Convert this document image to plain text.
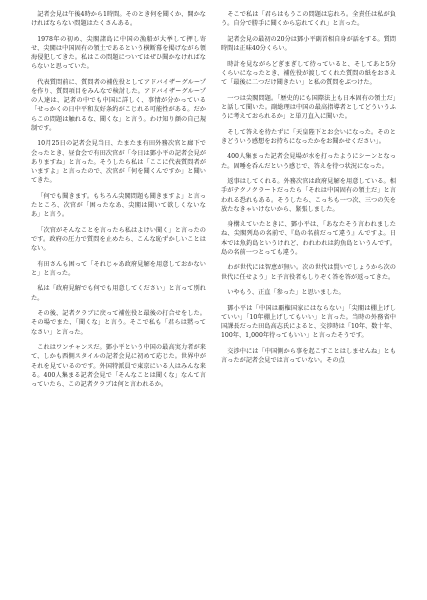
記者会見は午後4時から1時間。そのとき何を聞くか、開かなければならない問題はたくさんある。

1978年の初め、尖閣諸島に中国の漁船が大挙して押し寄せ、尖閣は中国固有の領土であるという横断幕を掲げながら領海侵犯してきた。私はこの問題についてはぜひ聞かなければならないと思っていた。

代表質問前に、質問者の補佐役としてアドバイザーグループを作り、質問項目をみんなで検討した。アドバイザーグループの人達は、記者の中でも中国に詳しく、事情が分かっている「せっかくの日中平和友好条約がこじれる可能性がある。だからこの問題は触れるな、聞くな」と言う。わけ知り顔の自己規制です。

10月25日の記者会見当日、たまたま有田外務次官と廊下で会ったとき、昼食会で有田次官が「今日は鄧小平の記者会見がありますね」と言った。そうしたら私は「ここに代表質問者がいますよ」と言ったので、次官が「何を聞くんですか」と聞いてきた。

「何でも聞きます。もちろん尖閣問題も聞きますよ」と言ったところ、次官が「困ったなあ、尖閣は聞いて欲しくないなあ」と言う。

「次官がそんなことを言ったら私はよけい聞く」と言ったのです。政府の圧力で質問を止めたら、こんな恥ずかしいことはない。

有田さんも困って「それじゃあ政府見解を用意しておかないと」と言った。

私は「政府見解でも何でも用意してください」と言って別れた。

その後、記者クラブに戻って補佐役と最後の打合せをした。その場でまた、「聞くな」と言う。そこで私も「君らは黙ってなさい」と言った。

これはワンチャンスだ。鄧小平という中国の最高実力者が来て、しかも西側スタイルの記者会見に初めて応じた。世界中がそれを見ているのです。外国特派員で東京にいる人はみんな来る。400人集まる記者会見で「そんなことは聞くな」なんて言っていたら、この記者クラブは何と言われるか。

そこで私は「君らはもうこの問題は忘れろ。全責任は私が負う。自分で勝手に聞くから忘れてくれ」と言った。

記者会見の最初の20分は鄧小平副首相自身が話をする。質問時間は正味40分くらい。

時計を見ながらどぎまぎして待っていると、そしてあと5分くらいになったとき、補佐役が渡してくれた質問の紙をおさえて「最後に二つだけ聞きたい」と私の質問をぶつけた。

一つは尖閣問題。「歴史的にも国際法上も日本固有の領土だ」と話して聞いた。副総理は中国の最高指導者としてどういうふうに考えておられるか」と単刀直入に聞いた。

そして答えを待たずに「天皇陛下とお会いになった。そのときどういう感想をお持ちになったかをお聞かせください」。

400人集まった記者会見場が水を打ったようにシーンとなった。固唾を呑んだという感じで、答えを待つ状況になった。

返事はしてくれる。外務次官は政府見解を用意している。相手がテクノクラートだったら「それは中国固有の領土だ」と言われる恐れもある。そうしたら、こっちも一つ次、三つの矢を放たなきゃいけないから、緊張しました。

身構えていたときに、鄧小平は、「あなたそう言われましたね、尖閣列島の名前で、『島の名前だって違う』んですよ。日本では魚釣島というけれど、われわれは釣魚島というんです。島の名前一つとっても違う。

わが世代には智恵が無い。次の世代は賢いでしょうから次の世代に任せよう」と予言役者もしりぞく答を答が返ってきた。

いやもう、正直「参った」と思いました。

鄧小平は「中国は覇権国家にはならない」「尖閣は棚上げしていい」「10年棚上げしてもいい」と言った。当時の外務省中国課長だった田島高志氏によると、交渉時は「10年、数十年、100年、1,000年待ってもいい」と言ったそうです。

交渉中には「中国側から事を起こすことはしませんね」とも言ったが記者会見では言っていない。その点
